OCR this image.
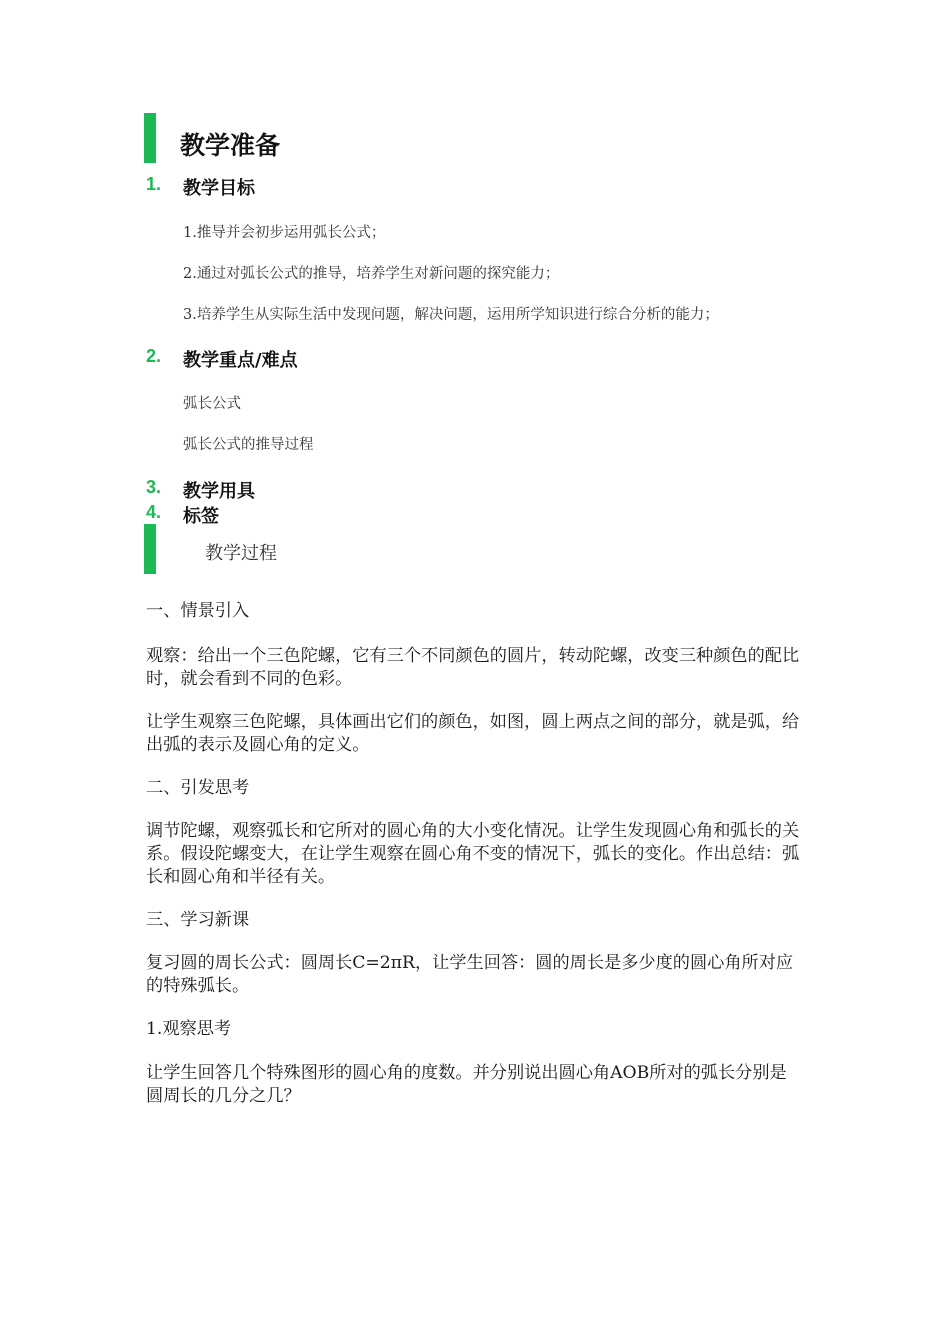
教学准备
1. 教学目标
1.推导并会初步运用弧长公式；
2.通过对弧长公式的推导，培养学生对新问题的探究能力；
3.培养学生从实际生活中发现问题，解决问题，运用所学知识进行综合分析的能力；
2. 教学重点/难点
弧长公式
弧长公式的推导过程
3. 教学用具
4. 标签
教学过程

一、情景引入

观察：给出一个三色陀螺，它有三个不同颜色的圆片，转动陀螺，改变三种颜色的配比时，就会看到不同的色彩。

让学生观察三色陀螺，具体画出它们的颜色，如图，圆上两点之间的部分，就是弧，给出弧的表示及圆心角的定义。

二、引发思考

调节陀螺，观察弧长和它所对的圆心角的大小变化情况。让学生发现圆心角和弧长的关系。假设陀螺变大，在让学生观察在圆心角不变的情况下，弧长的变化。作出总结：弧长和圆心角和半径有关。

三、学习新课

复习圆的周长公式：圆周长C=2πR，让学生回答：圆的周长是多少度的圆心角所对应的特殊弧长。

1.观察思考

让学生回答几个特殊图形的圆心角的度数。并分别说出圆心角AOB所对的弧长分别是圆周长的几分之几？
